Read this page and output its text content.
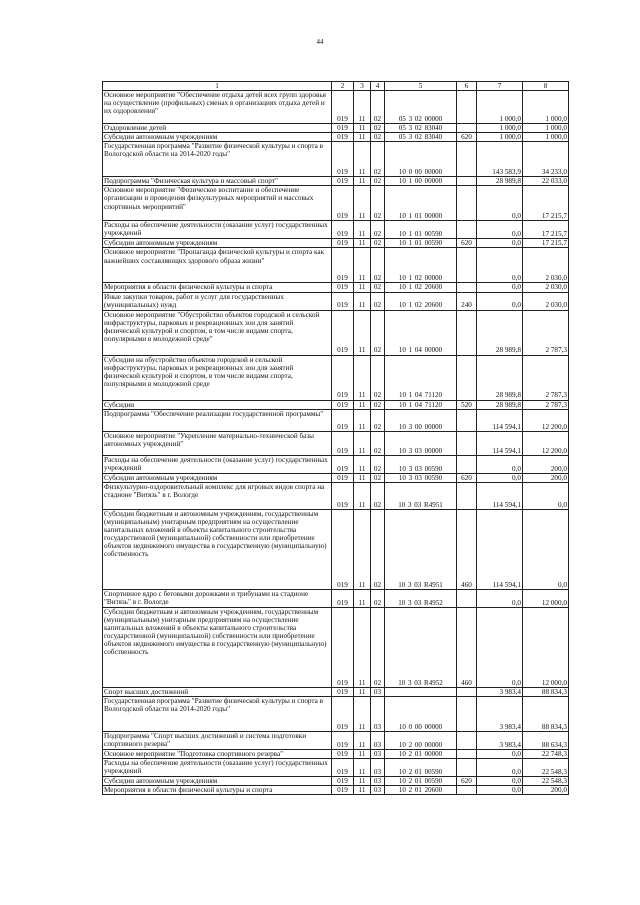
44
1	2	3	4	5	6	7	8
Основное мероприятие "Обеспечение отдыха детей всех групп здоровья на осуществление (профильных) сменах в организациях отдыха детей и их оздоровления"	019	11	02	05 3 02 00000		1 000,0	1 000,0
Оздоровление детей	019	11	02	05 3 02 83040		1 000,0	1 000,0
Субсидии автономным учреждениям	019	11	02	05 3 02 83040	620	1 000,0	1 000,0
Государственная программа "Развитие физической культуры и спорта в Вологодской области на 2014-2020 годы"	019	11	02	10 0 00 00000		143 583,9	34 233,0
Подпрограмма "Физическая культура и массовый спорт"	019	11	02	10 1 00 00000		28 989,8	22 033,0
Основное мероприятие "Физическое воспитание и обеспечение организации и проведения физкультурных мероприятий и массовых спортивных мероприятий"	019	11	02	10 1 01 00000		0,0	17 215,7
Расходы на обеспечение деятельности (оказание услуг) государственных учреждений	019	11	02	10 1 01 00590		0,0	17 215,7
Субсидии автономным учреждениям	019	11	02	10 1 01 00590	620	0,0	17 215,7
Основное мероприятие "Пропаганда физической культуры и спорта как важнейших составляющих здорового образа жизни"	019	11	02	10 1 02 00000		0,0	2 030,0
Мероприятия в области физической культуры и спорта	019	11	02	10 1 02 20600		0,0	2 030,0
Иные закупки товаров, работ и услуг для государственных (муниципальных) нужд	019	11	02	10 1 02 20600	240	0,0	2 030,0
Основное мероприятие "Обустройство объектов городской и сельской инфраструктуры, парковых и рекреационных зон для занятий физической культурой и спортом, в том числе видами спорта, популярными в молодежной среде"	019	11	02	10 1 04 00000		28 989,8	2 787,3
Субсидии на обустройство объектов городской и сельской инфраструктуры, парковых и рекреационных зон для занятий физической культурой и спортом, в том числе видами спорта, популярными в молодежной среде	019	11	02	10 1 04 71120		28 989,8	2 787,3
Субсидии	019	11	02	10 1 04 71120	520	28 989,8	2 787,3
Подпрограмма "Обеспечение реализации государственной программы"	019	11	02	10 3 00 00000		114 594,1	12 200,0
Основное мероприятие "Укрепление материально-технической базы автономных учреждений"	019	11	02	10 3 03 00000		114 594,1	12 200,0
Расходы на обеспечение деятельности (оказание услуг) государственных учреждений	019	11	02	10 3 03 00590		0,0	200,0
Субсидии автономным учреждениям	019	11	02	10 3 03 00590	620	0,0	200,0
Физкультурно-оздоровительный комплекс для игровых видов спорта на стадионе "Витязь" в г. Вологде	019	11	02	10 3 03 R4951		114 594,1	0,0
Субсидии бюджетным и автономным учреждениям, государственным (муниципальным) унитарным предприятиям на осуществление капитальных вложений в объекты капитального строительства государственной (муниципальной) собственности или приобретение объектов недвижимого имущества в государственную (муниципальную) собственность	019	11	02	10 3 03 R4951	460	114 594,1	0,0
Спортивное ядро с беговыми дорожками и трибунами на стадионе "Витязь" в г. Вологде	019	11	02	10 3 03 R4952		0,0	12 000,0
Субсидии бюджетным и автономным учреждениям, государственным (муниципальным) унитарным предприятиям на осуществление капитальных вложений в объекты капитального строительства государственной (муниципальной) собственности или приобретение объектов недвижимого имущества в государственную (муниципальную) собственность	019	11	02	10 3 03 R4952	460	0,0	12 000,0
Спорт высших достижений	019	11	03			3 983,4	88 834,3
Государственная программа "Развитие физической культуры и спорта в Вологодской области на 2014-2020 годы"	019	11	03	10 0 00 00000		3 983,4	88 834,3
Подпрограмма "Спорт высших достижений и система подготовки спортивного резерва"	019	11	03	10 2 00 00000		3 983,4	88 634,3
Основное мероприятие "Подготовка спортивного резерва"	019	11	03	10 2 01 00000		0,0	22 748,3
Расходы на обеспечение деятельности (оказание услуг) государственных учреждений	019	11	03	10 2 01 00590		0,0	22 548,3
Субсидии автономным учреждениям	019	11	03	10 2 01 00590	620	0,0	22 548,3
Мероприятия в области физической культуры и спорта	019	11	03	10 2 01 20600		0,0	200,0
